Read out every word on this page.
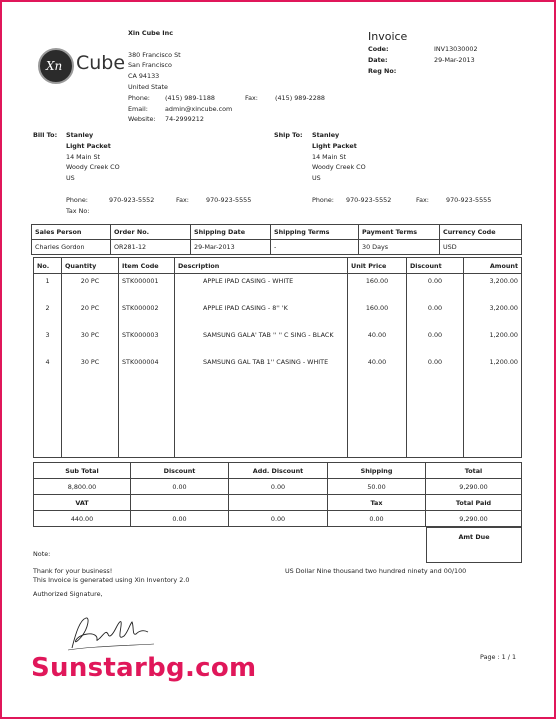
Xn Cube
Xin Cube Inc

380 Francisco St
San Francisco
CA 94133
United State
Phone:	(415) 989-1188	Fax:	(415) 989-2288
Email:	admin@xincube.com
Website:	74-2999212
Invoice
Code:	INV13030002
Date:	29-Mar-2013
Reg No:
Bill To:	Stanley
Light Packet
14 Main St
Woody Creek CO
US

Phone:	970-923-5552	Fax:	970-923-5555
Tax No:
Ship To:	Stanley
Light Packet
14 Main St
Woody Creek CO
US

Phone:	970-923-5552	Fax:	970-923-5555
Sales Person	Order No.	Shipping Date	Shipping Terms	Payment Terms	Currency Code
Charles Gordon	OR281-12	29-Mar-2013	-	30 Days	USD
No.	Quantity	Item Code	Description	Unit Price	Discount	Amount
1	20 PC	STK000001	APPLE IPAD CASING - WHITE	160.00	0.00	3,200.00
2	20 PC	STK000002	APPLE IPAD CASING - 8'' 'K	160.00	0.00	3,200.00
3	30 PC	STK000003	SAMSUNG GALA' TAB '' '' C SING - BLACK	40.00	0.00	1,200.00
4	30 PC	STK000004	SAMSUNG GAL TAB 1'' CASING - WHITE	40.00	0.00	1,200.00

Sub Total	Discount	Add. Discount	Shipping	Total
8,800.00	0.00	0.00	50.00	9,290.00
VAT			Tax	Total Paid
440.00	0.00	0.00	0.00	9,290.00
Amt Due
Note:
Thank for your business!
This Invoice is generated using Xin Inventory 2.0
Authorized Signature,
US Dollar Nine thousand two hundred ninety and 00/100
Page : 1 / 1
Sunstarbg.com
